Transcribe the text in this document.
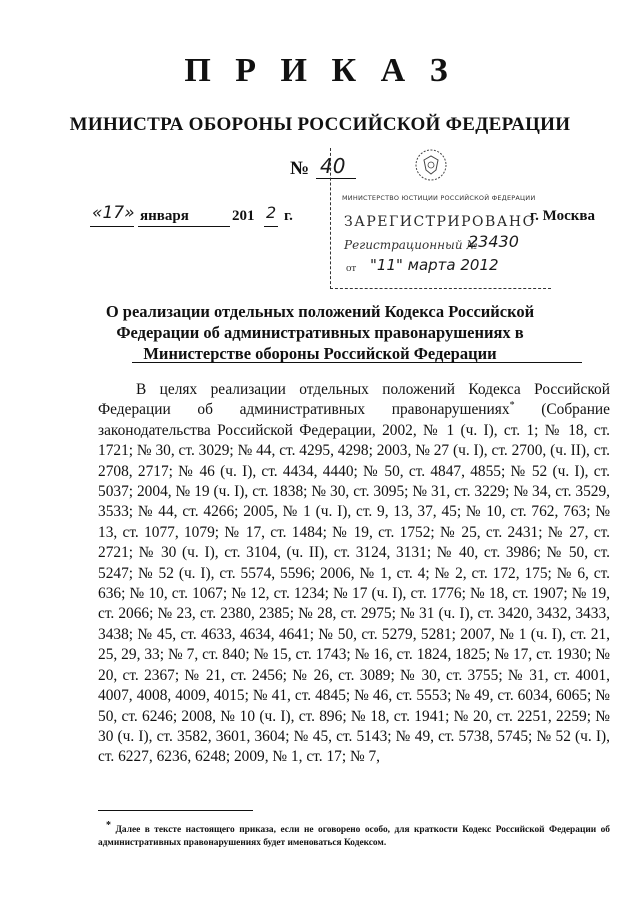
П Р И К А З
МИНИСТРА ОБОРОНЫ РОССИЙСКОЙ ФЕДЕРАЦИИ
№ 40
«17» января	201 2 г.	г. Москва
МИНИСТЕРСТВО ЮСТИЦИИ РОССИЙСКОЙ ФЕДЕРАЦИИ
ЗАРЕГИСТРИРОВАНО
Регистрационный №
23430
от "11" марта 2012
О реализации отдельных положений Кодекса Российской
Федерации об административных правонарушениях в
Министерстве обороны Российской Федерации

В целях реализации отдельных положений Кодекса Российской Федерации об административных правонарушениях* (Собрание законодательства Российской Федерации, 2002, № 1 (ч. I), ст. 1; № 18, ст. 1721; № 30, ст. 3029; № 44, ст. 4295, 4298; 2003, № 27 (ч. I), ст. 2700, (ч. II), ст. 2708, 2717; № 46 (ч. I), ст. 4434, 4440; № 50, ст. 4847, 4855; № 52 (ч. I), ст. 5037; 2004, № 19 (ч. I), ст. 1838; № 30, ст. 3095; № 31, ст. 3229; № 34, ст. 3529, 3533; № 44, ст. 4266; 2005, № 1 (ч. I), ст. 9, 13, 37, 45; № 10, ст. 762, 763; № 13, ст. 1077, 1079; № 17, ст. 1484; № 19, ст. 1752; № 25, ст. 2431; № 27, ст. 2721; № 30 (ч. I), ст. 3104, (ч. II), ст. 3124, 3131; № 40, ст. 3986; № 50, ст. 5247; № 52 (ч. I), ст. 5574, 5596; 2006, № 1, ст. 4; № 2, ст. 172, 175; № 6, ст. 636; № 10, ст. 1067; № 12, ст. 1234; № 17 (ч. I), ст. 1776; № 18, ст. 1907; № 19, ст. 2066; № 23, ст. 2380, 2385; № 28, ст. 2975; № 31 (ч. I), ст. 3420, 3432, 3433, 3438; № 45, ст. 4633, 4634, 4641; № 50, ст. 5279, 5281; 2007, № 1 (ч. I), ст. 21, 25, 29, 33; № 7, ст. 840; № 15, ст. 1743; № 16, ст. 1824, 1825; № 17, ст. 1930; № 20, ст. 2367; № 21, ст. 2456; № 26, ст. 3089; № 30, ст. 3755; № 31, ст. 4001, 4007, 4008, 4009, 4015; № 41, ст. 4845; № 46, ст. 5553; № 49, ст. 6034, 6065; № 50, ст. 6246; 2008, № 10 (ч. I), ст. 896; № 18, ст. 1941; № 20, ст. 2251, 2259; № 30 (ч. I), ст. 3582, 3601, 3604; № 45, ст. 5143; № 49, ст. 5738, 5745; № 52 (ч. I), ст. 6227, 6236, 6248; 2009, № 1, ст. 17; № 7,

* Далее в тексте настоящего приказа, если не оговорено особо, для краткости Кодекс Российской Федерации об административных правонарушениях будет именоваться Кодексом.
